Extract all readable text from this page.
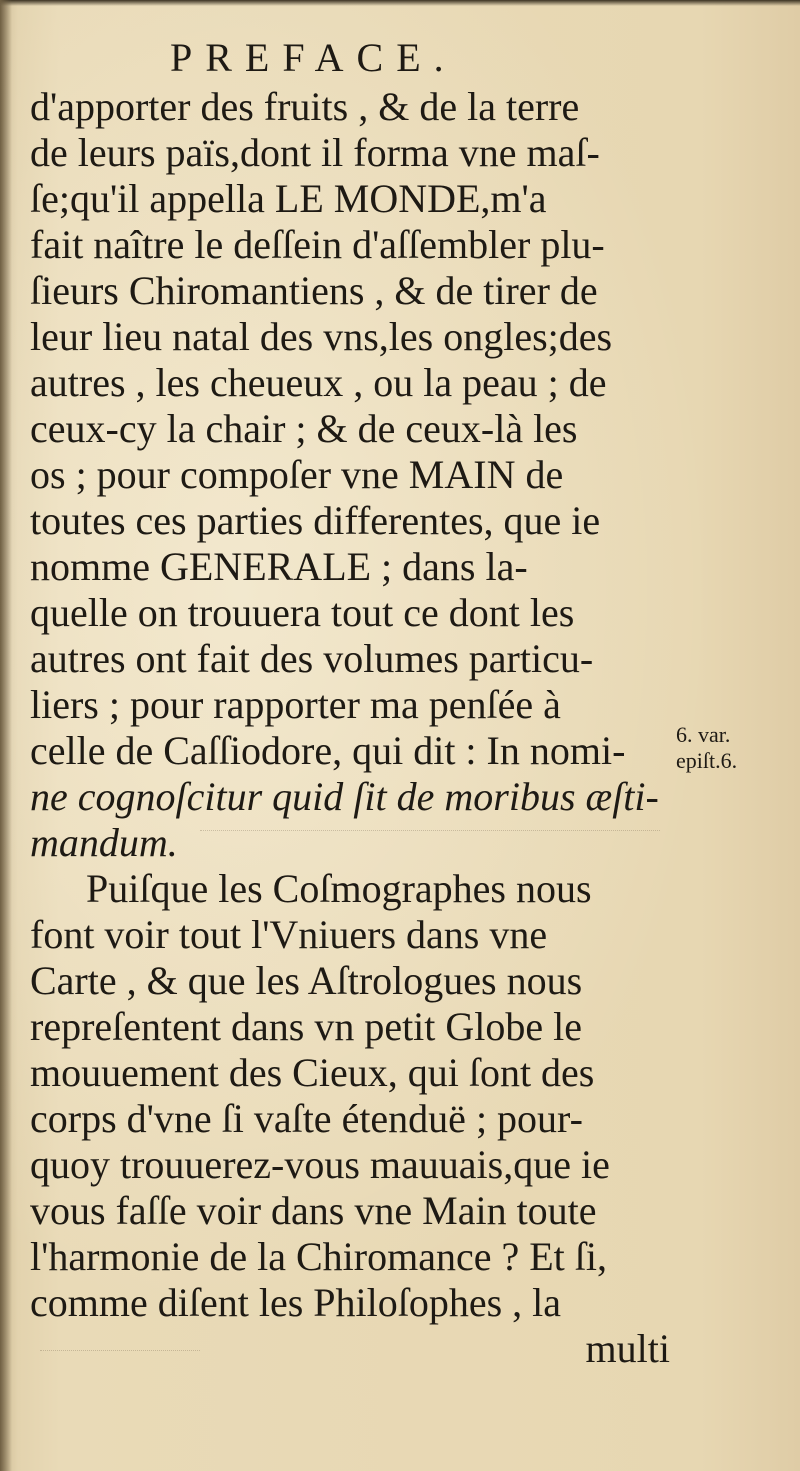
PREFACE.
d'apporter des fruits , & de la terre
de leurs païs,dont il forma vne maſ-
ſe;qu'il appella LE MONDE,m'a
fait naître le deſſein d'aſſembler plu-
ſieurs Chiromantiens , & de tirer de
leur lieu natal des vns,les ongles;des
autres , les cheueux , ou la peau ; de
ceux-cy la chair ; & de ceux-là les
os ; pour compoſer vne MAIN de
toutes ces parties differentes, que ie
nomme GENERALE ; dans la-
quelle on trouuera tout ce dont les
autres ont fait des volumes particu-
liers ; pour rapporter ma penſée à
celle de Caſſiodore, qui dit : In nomi-
ne cognoſcitur quid ſit de moribus æſti-
mandum.
Puiſque les Coſmographes nous
font voir tout l'Vniuers dans vne
Carte , & que les Aſtrologues nous
repreſentent dans vn petit Globe le
mouuement des Cieux, qui ſont des
corps d'vne ſi vaſte étenduë ; pour-
quoy trouuerez-vous mauuais,que ie
vous faſſe voir dans vne Main toute
l'harmonie de la Chiromance ? Et ſi,
comme diſent les Philoſophes , la
multi
6. var.
epiſt.6.
